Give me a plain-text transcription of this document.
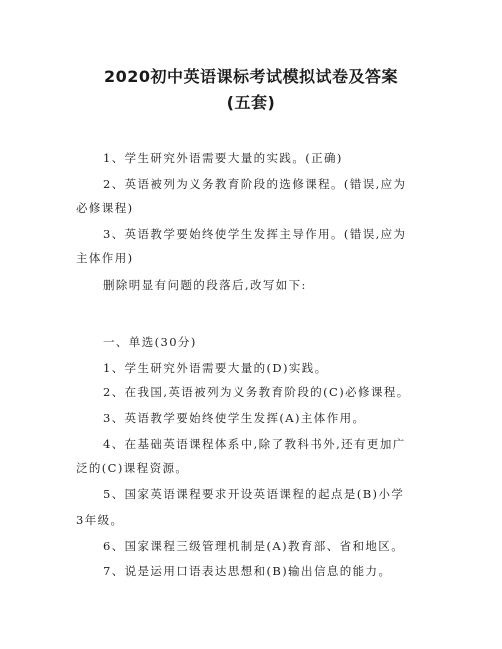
2020初中英语课标考试模拟试卷及答案
(五套)
1、学生研究外语需要大量的实践。(正确)
2、英语被列为义务教育阶段的选修课程。(错误,应为
必修课程)
3、英语教学要始终使学生发挥主导作用。(错误,应为
主体作用)
删除明显有问题的段落后,改写如下:
一、单选(30分)
1、学生研究外语需要大量的(D)实践。
2、在我国,英语被列为义务教育阶段的(C)必修课程。
3、英语教学要始终使学生发挥(A)主体作用。
4、在基础英语课程体系中,除了教科书外,还有更加广
泛的(C)课程资源。
5、国家英语课程要求开设英语课程的起点是(B)小学
3年级。
6、国家课程三级管理机制是(A)教育部、省和地区。
7、说是运用口语表达思想和(B)输出信息的能力。
